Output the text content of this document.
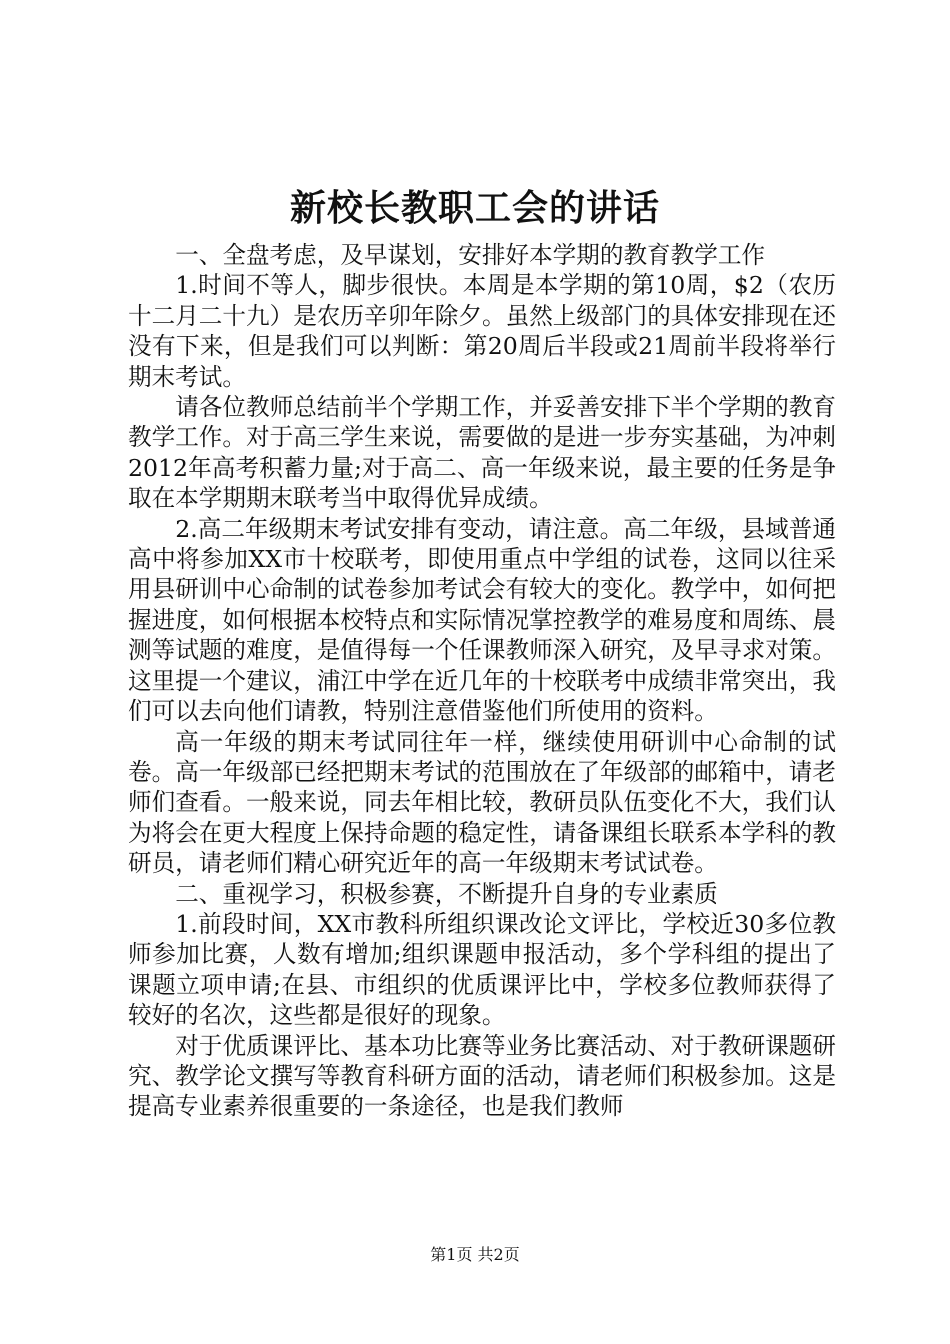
新校长教职工会的讲话

一、全盘考虑，及早谋划，安排好本学期的教育教学工作

1.时间不等人，脚步很快。本周是本学期的第10周，$2（农历十二月二十九）是农历辛卯年除夕。虽然上级部门的具体安排现在还没有下来，但是我们可以判断：第20周后半段或21周前半段将举行期末考试。

请各位教师总结前半个学期工作，并妥善安排下半个学期的教育教学工作。对于高三学生来说，需要做的是进一步夯实基础，为冲刺2012年高考积蓄力量;对于高二、高一年级来说，最主要的任务是争取在本学期期末联考当中取得优异成绩。

2.高二年级期末考试安排有变动，请注意。高二年级，县域普通高中将参加XX市十校联考，即使用重点中学组的试卷，这同以往采用县研训中心命制的试卷参加考试会有较大的变化。教学中，如何把握进度，如何根据本校特点和实际情况掌控教学的难易度和周练、晨测等试题的难度，是值得每一个任课教师深入研究，及早寻求对策。这里提一个建议，浦江中学在近几年的十校联考中成绩非常突出，我们可以去向他们请教，特别注意借鉴他们所使用的资料。

高一年级的期末考试同往年一样，继续使用研训中心命制的试卷。高一年级部已经把期末考试的范围放在了年级部的邮箱中，请老师们查看。一般来说，同去年相比较，教研员队伍变化不大，我们认为将会在更大程度上保持命题的稳定性，请备课组长联系本学科的教研员，请老师们精心研究近年的高一年级期末考试试卷。

二、重视学习，积极参赛，不断提升自身的专业素质

1.前段时间，XX市教科所组织课改论文评比，学校近30多位教师参加比赛，人数有增加;组织课题申报活动，多个学科组的提出了课题立项申请;在县、市组织的优质课评比中，学校多位教师获得了较好的名次，这些都是很好的现象。

对于优质课评比、基本功比赛等业务比赛活动、对于教研课题研究、教学论文撰写等教育科研方面的活动，请老师们积极参加。这是提高专业素养很重要的一条途径，也是我们教师

第1页 共2页
